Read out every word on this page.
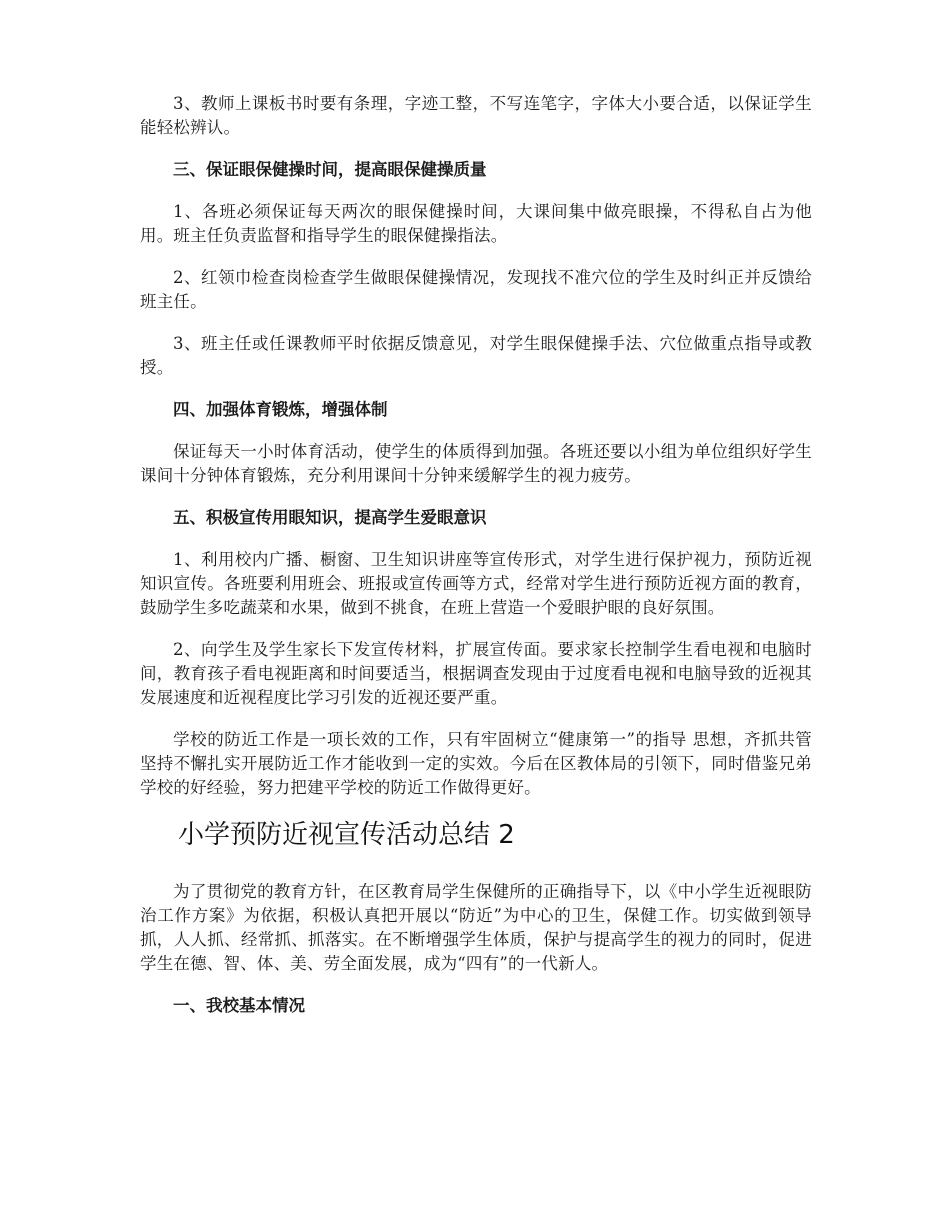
3、教师上课板书时要有条理，字迹工整，不写连笔字，字体大小要合适，以保证学生能轻松辨认。

三、保证眼保健操时间，提高眼保健操质量

1、各班必须保证每天两次的眼保健操时间，大课间集中做亮眼操，不得私自占为他用。班主任负责监督和指导学生的眼保健操指法。

2、红领巾检查岗检查学生做眼保健操情况，发现找不准穴位的学生及时纠正并反馈给班主任。

3、班主任或任课教师平时依据反馈意见，对学生眼保健操手法、穴位做重点指导或教授。

四、加强体育锻炼，增强体制

保证每天一小时体育活动，使学生的体质得到加强。各班还要以小组为单位组织好学生课间十分钟体育锻炼，充分利用课间十分钟来缓解学生的视力疲劳。

五、积极宣传用眼知识，提高学生爱眼意识

1、利用校内广播、橱窗、卫生知识讲座等宣传形式，对学生进行保护视力，预防近视知识宣传。各班要利用班会、班报或宣传画等方式，经常对学生进行预防近视方面的教育，鼓励学生多吃蔬菜和水果，做到不挑食，在班上营造一个爱眼护眼的良好氛围。

2、向学生及学生家长下发宣传材料，扩展宣传面。要求家长控制学生看电视和电脑时间，教育孩子看电视距离和时间要适当，根据调查发现由于过度看电视和电脑导致的近视其发展速度和近视程度比学习引发的近视还要严重。

学校的防近工作是一项长效的工作，只有牢固树立“健康第一”的指导 思想，齐抓共管坚持不懈扎实开展防近工作才能收到一定的实效。今后在区教体局的引领下，同时借鉴兄弟学校的好经验，努力把建平学校的防近工作做得更好。

小学预防近视宣传活动总结 2

为了贯彻党的教育方针，在区教育局学生保健所的正确指导下，以《中小学生近视眼防治工作方案》为依据，积极认真把开展以“防近”为中心的卫生，保健工作。切实做到领导抓，人人抓、经常抓、抓落实。在不断增强学生体质，保护与提高学生的视力的同时，促进学生在德、智、体、美、劳全面发展，成为“四有”的一代新人。

一、我校基本情况
